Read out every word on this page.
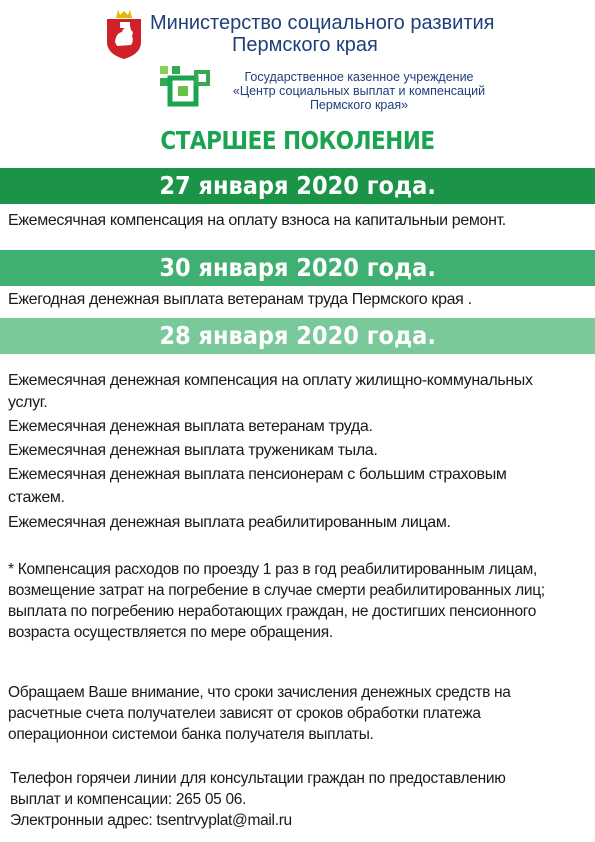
Министерство социального развития
Пермского края
Государственное казенное учреждение
«Центр социальных выплат и компенсаций
Пермского края»
СТАРШЕЕ ПОКОЛЕНИЕ
27 января 2020 года.
Ежемесячная компенсация на оплату взноса на капитальныи ремонт.
30 января 2020 года.
Ежегодная денежная выплата ветеранам труда Пермского края .
28 января 2020 года.
Ежемесячная денежная компенсация на оплату жилищно-коммунальных
услуг.
Ежемесячная денежная выплата ветеранам труда.
Ежемесячная денежная выплата труженикам тыла.
Ежемесячная денежная выплата пенсионерам с большим страховым
стажем.
Ежемесячная денежная выплата реабилитированным лицам.
* Компенсация расходов по проезду 1 раз в год реабилитированным лицам,
возмещение затрат на погребение в случае смерти реабилитированных лиц;
выплата по погребению неработающих граждан, не достигших пенсионного
возраста осуществляется по мере обращения.
Обращаем Ваше внимание, что сроки зачисления денежных средств на
расчетные счета получателеи зависят от сроков обработки платежа
операционнои системои банка получателя выплаты.
Телефон горячеи линии для консультации граждан по предоставлению
выплат и компенсации: 265 05 06.
Электронныи адрес: tsentrvyplat@mail.ru
